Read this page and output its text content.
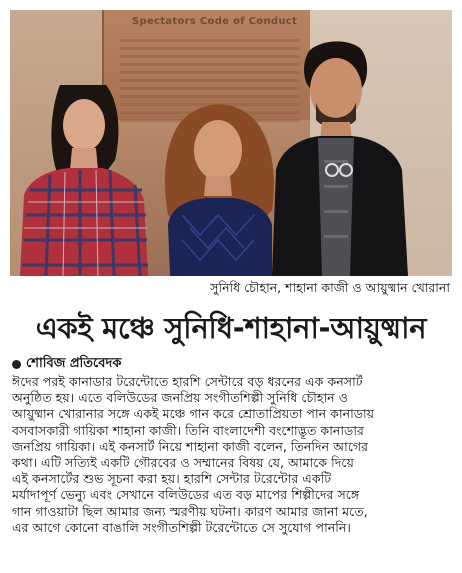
Spectators Code of Conduct
সুনিধি চৌহান, শাহানা কাজী ও আয়ুষ্মান খোরানা
একই মঞ্চে সুনিধি-শাহানা-আয়ুষ্মান
শোবিজ প্রতিবেদক
ঈদের পরই কানাডার টরেন্টোতে হারশি সেন্টারে বড় ধরনের এক কনসার্ট
অনুষ্ঠিত হয়। এতে বলিউডের জনপ্রিয় সংগীতশিল্পী সুনিধি চৌহান ও
আয়ুষ্মান খোরানার সঙ্গে একই মঞ্চে গান করে শ্রোতাপ্রিয়তা পান কানাডায়
বসবাসকারী গায়িকা শাহানা কাজী। তিনি বাংলাদেশী বংশোদ্ভূত কানাডার
জনপ্রিয় গায়িকা। এই কনসার্ট নিয়ে শাহানা কাজী বলেন, তিনদিন আগের
কথা। এটি সত্যিই একটি গৌরবের ও সম্মানের বিষয় যে, আমাকে দিয়ে
এই কনসার্টের শুভ সূচনা করা হয়। হারশি সেন্টার টরেন্টোর একটি
মর্যাদাপূর্ণ ভেন্যু এবং সেখানে বলিউডের এত বড় মাপের শিল্পীদের সঙ্গে
গান গাওয়াটা ছিল আমার জন্য স্মরণীয় ঘটনা। কারণ আমার জানা মতে,
এর আগে কোনো বাঙালি সংগীতশিল্পী টরেন্টোতে সে সুযোগ পাননি।
